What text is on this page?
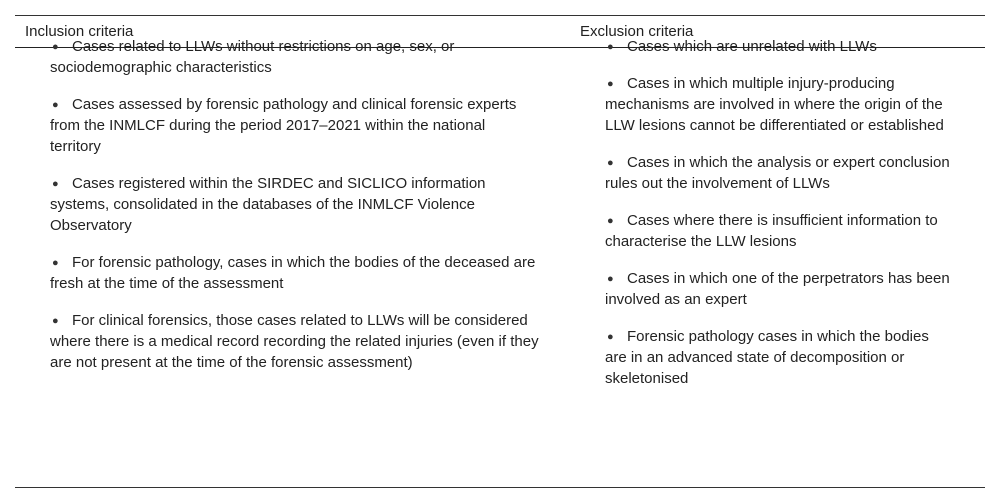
Inclusion criteria	Exclusion criteria
● Cases related to LLWs without restrictions on age, sex, or sociodemographic characteristics
● Cases assessed by forensic pathology and clinical forensic experts from the INMLCF during the period 2017–2021 within the national territory
● Cases registered within the SIRDEC and SICLICO information systems, consolidated in the databases of the INMLCF Violence Observatory
● For forensic pathology, cases in which the bodies of the deceased are fresh at the time of the assessment
● For clinical forensics, those cases related to LLWs will be considered where there is a medical record recording the related injuries (even if they are not present at the time of the forensic assessment)
● Cases which are unrelated with LLWs
● Cases in which multiple injury-producing mechanisms are involved in where the origin of the LLW lesions cannot be differentiated or established
● Cases in which the analysis or expert conclusion rules out the involvement of LLWs
● Cases where there is insufficient information to characterise the LLW lesions
● Cases in which one of the perpetrators has been involved as an expert
● Forensic pathology cases in which the bodies are in an advanced state of decomposition or skeletonised
